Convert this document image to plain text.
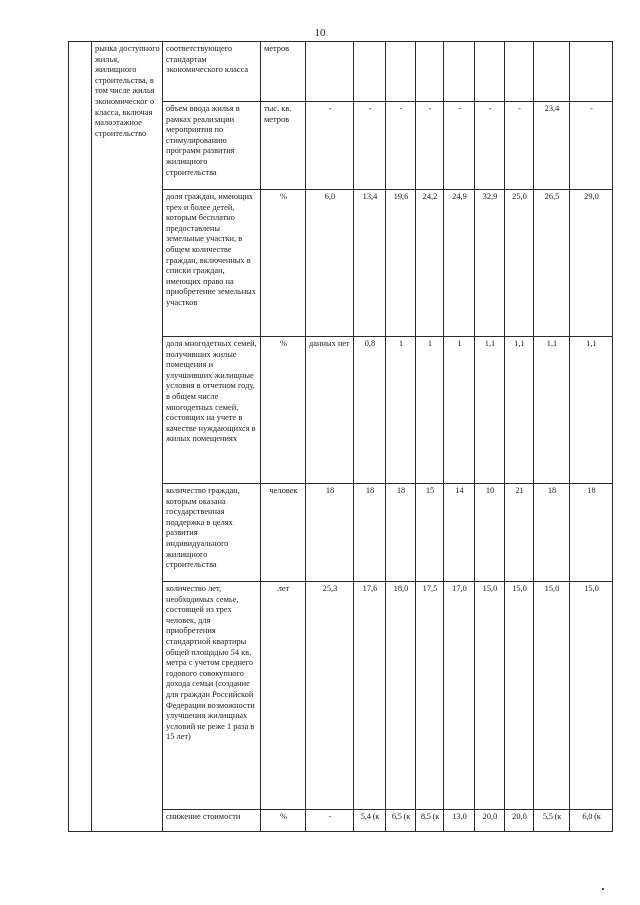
10
	рынка доступного жилья, жилищного строительства, в том числе жилья экономическог о класса, включая малоэтажное строительство	соответствующего стандартам экономического класса	метров									
		объем ввода жилья в рамках реализации мероприятия по стимулированию программ развития жилищного строительства	тыс. кв. метров	-	-	-	-	-	-	-	23,4	-
		доля граждан, имеющих трех и более детей, которым бесплатно предоставлены земельные участки, в общем количестве граждан, включенных в списки граждан, имеющих право на приобретение земельных участков	%	6,0	13,4	19,6	24,2	24,9	32,9	25,0	26,5	29,0
		доля многодетных семей, получивших жилые помещения и улучшивших жилищные условия в отчетном году, в общем числе многодетных семей, состоящих на учете в качестве нуждающихся в жилых помещениях	%	данных нет	0,8	1	1	1	1,1	1,1	1,1	1,1
		количество граждан, которым оказана государственная поддержка в целях развития индивидуального жилищного строительства	человек	18	18	18	15	14	10	21	18	18
		количество лет, необходимых семье, состоящей из трех человек, для приобретения стандартной квартиры общей площадью 54 кв. метра с учетом среднего годового совокупного дохода семьи (создание для граждан Российской Федерации возможности улучшения жилищных условий не реже 1 раза в 15 лет)	лет	25,3	17,6	18,0	17,5	17,0	15,0	15,0	15,0	15,0
		снижение стоимости	%	-	5,4 (к	6,5 (к	8,5 (к	13,0	20,0	20,0	5,5 (к	6,0 (к
